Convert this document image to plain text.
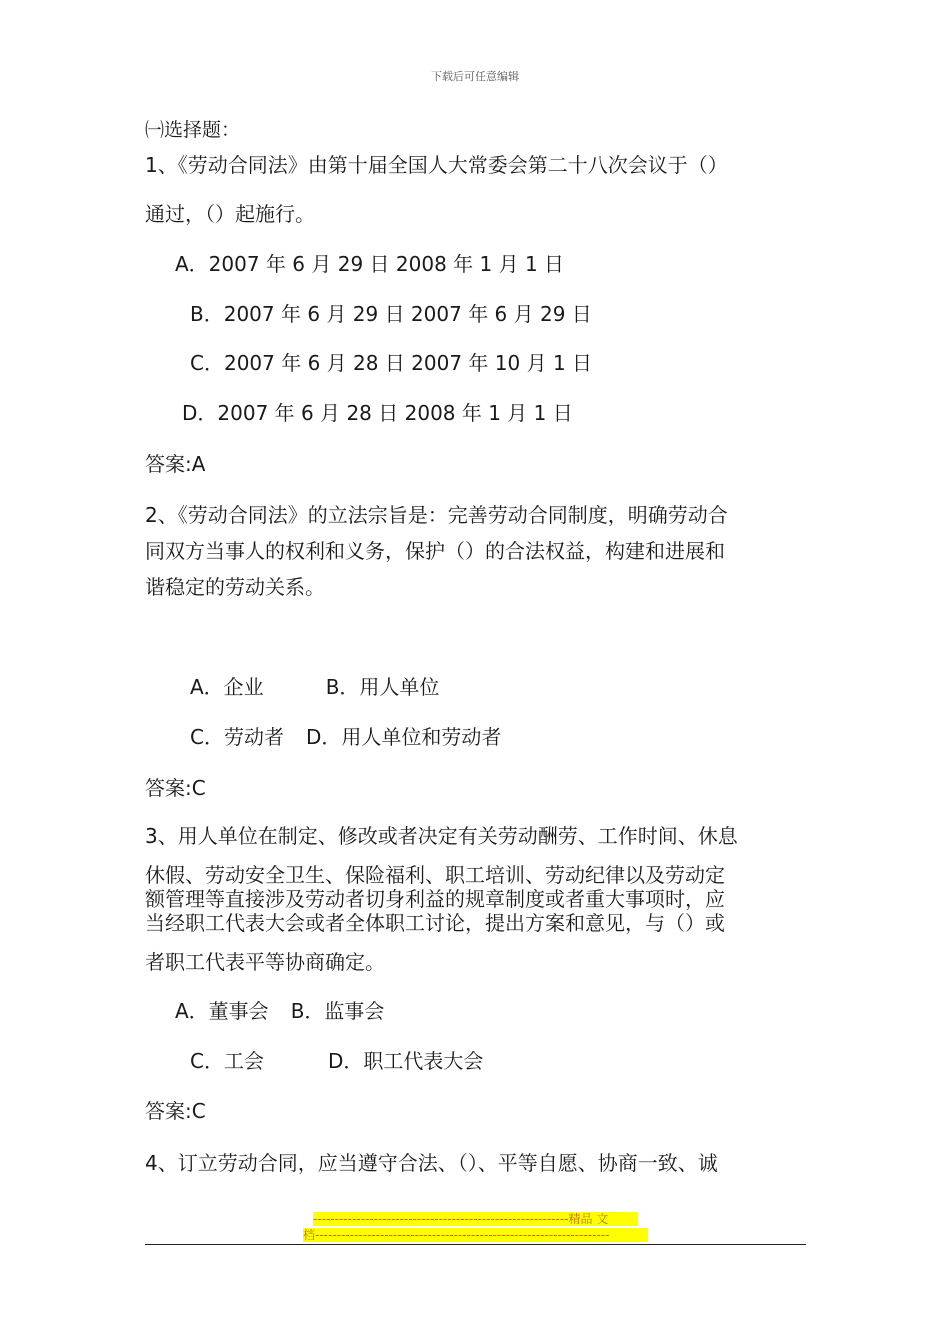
下载后可任意编辑
㈠选择题：
1、《劳动合同法》由第十届全国人大常委会第二十八次会议于（）
通过，（）起施行。
A．2007 年 6 月 29 日 2008 年 1 月 1 日
B．2007 年 6 月 29 日 2007 年 6 月 29 日
C．2007 年 6 月 28 日 2007 年 10 月 1 日
D．2007 年 6 月 28 日 2008 年 1 月 1 日
答案:A
2、《劳动合同法》的立法宗旨是：完善劳动合同制度，明确劳动合
同双方当事人的权利和义务，保护（）的合法权益，构建和进展和
谐稳定的劳动关系。
A．企业	B．用人单位
C．劳动者 D．用人单位和劳动者
答案:C
3、用人单位在制定、修改或者决定有关劳动酬劳、工作时间、休息
休假、劳动安全卫生、保险福利、职工培训、劳动纪律以及劳动定
额管理等直接涉及劳动者切身利益的规章制度或者重大事项时，应
当经职工代表大会或者全体职工讨论，提出方案和意见，与（）或
者职工代表平等协商确定。
A．董事会 B．监事会
C．工会	D．职工代表大会
答案:C
4、订立劳动合同，应当遵守合法、（）、平等自愿、协商一致、诚
-----------------------------------------------------------精品 文
档--------------------------------------------------------------------
